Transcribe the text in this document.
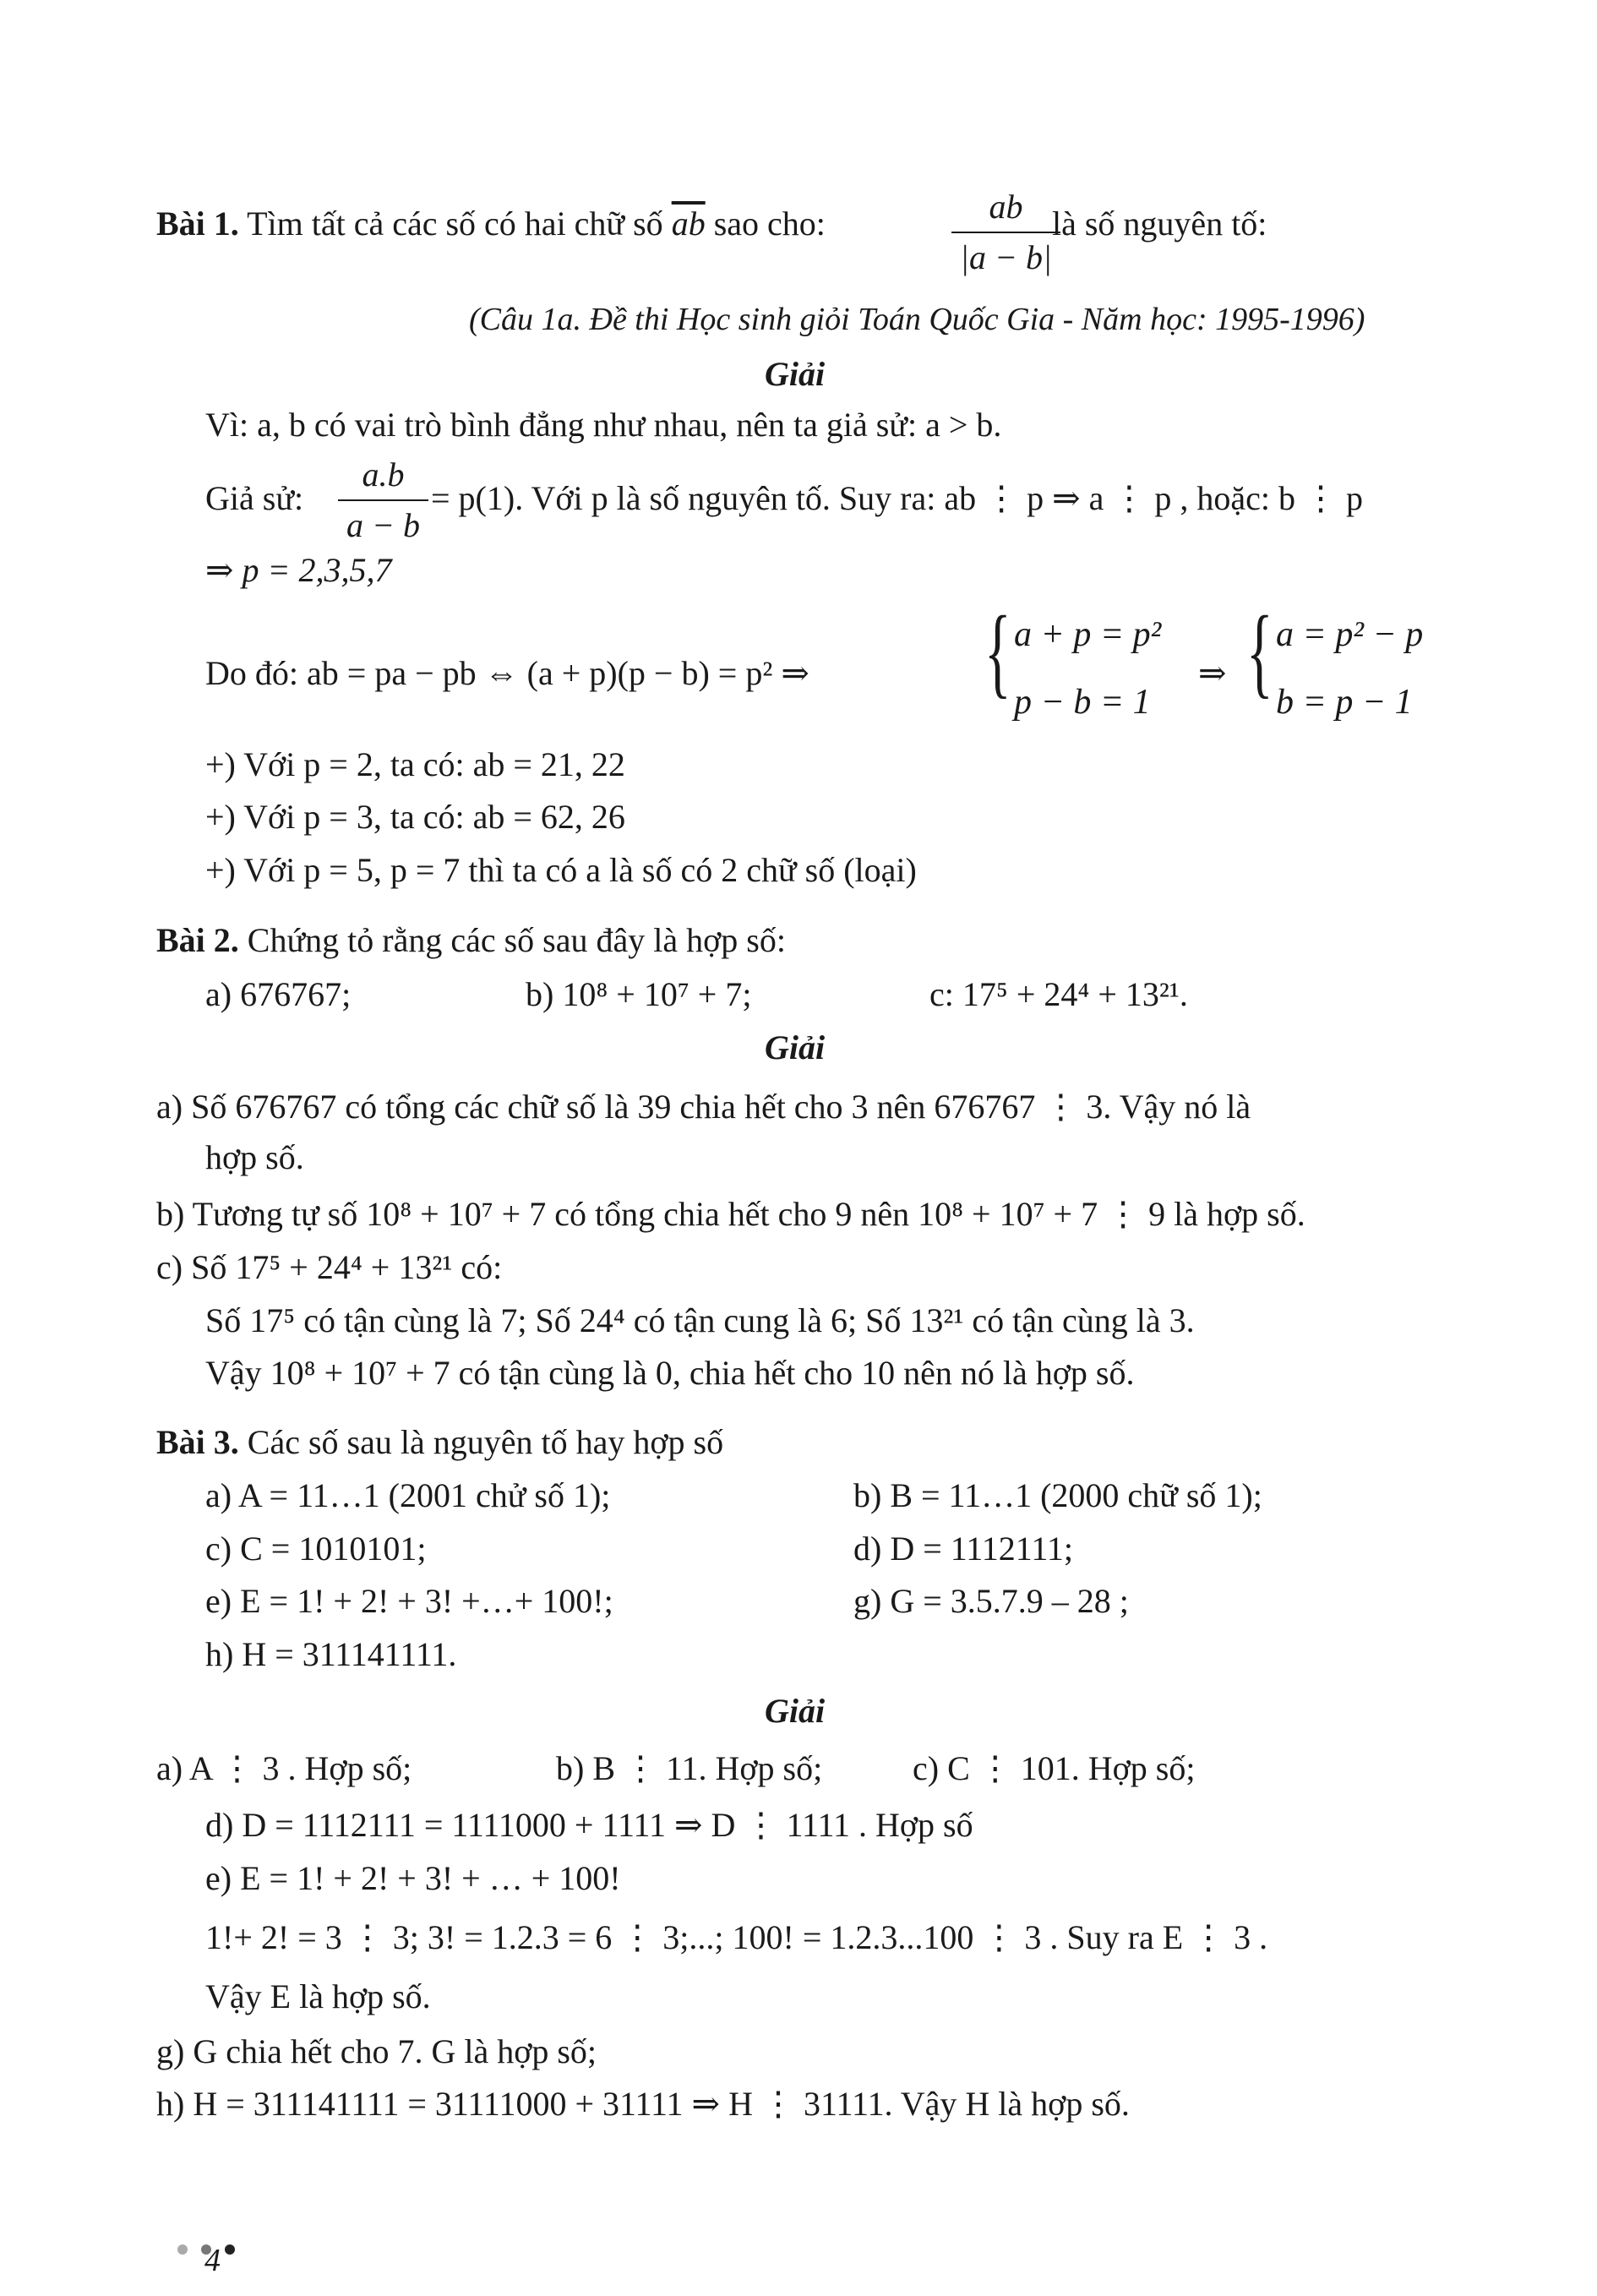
Bài 1. Tìm tất cả các số có hai chữ số $\overline{ab}$ sao cho:	$\frac{ab}{|a - b|}$
là số nguyên tố:
(Câu 1a. Đề thi Học sinh giỏi Toán Quốc Gia - Năm học: 1995-1996)
Giải
Vì: a, b có vai trò bình đẳng như nhau, nên ta giả sử: a > b.
Giả sử: $\frac{a.b}{a - b} = p(1)$. Với p là số nguyên tố. Suy ra: ab ⋮ p ⇒ a ⋮ p , hoặc: b ⋮ p
⇒ p = 2,3,5,7
Do đó: ab = pa − pb ⇔ (a + p)(p − b) = p² ⇒ { a + p = p²
p − b = 1
⇒ { a = p² − p
b = p − 1
+) Với p = 2, ta có: ab = 21, 22
+) Với p = 3, ta có: ab = 62, 26
+) Với p = 5, p = 7 thì ta có a là số có 2 chữ số (loại)
Bài 2. Chứng tỏ rằng các số sau đây là hợp số:
a) 676767;	b) 10⁸ + 10⁷ + 7;	c: 17⁵ + 24⁴ + 13²¹.
Giải
a) Số 676767 có tổng các chữ số là 39 chia hết cho 3 nên 676767 ⋮ 3. Vậy nó là
hợp số.
b) Tương tự số 10⁸ + 10⁷ + 7 có tổng chia hết cho 9 nên 10⁸ + 10⁷ + 7 ⋮ 9 là hợp số.
c) Số 17⁵ + 24⁴ + 13²¹ có:
Số 17⁵ có tận cùng là 7; Số 24⁴ có tận cung là 6; Số 13²¹ có tận cùng là 3.
Vậy 10⁸ + 10⁷ + 7 có tận cùng là 0, chia hết cho 10 nên nó là hợp số.
Bài 3. Các số sau là nguyên tố hay hợp số
a) A = 11…1 (2001 chử số 1);	b) B = 11…1 (2000 chữ số 1);
c) C = 1010101;	d) D = 1112111;
e) E = 1! + 2! + 3! +…+ 100!;	g) G = 3.5.7.9 – 28 ;
h) H = 311141111.
Giải
a) A ⋮ 3 . Hợp số;	b) B ⋮ 11. Hợp số;	c) C ⋮ 101. Hợp số;
d) D = 1112111 = 1111000 + 1111 ⇒ D ⋮ 1111 . Hợp số
e) E = 1! + 2! + 3! + … + 100!
1!+ 2! = 3 ⋮ 3; 3! = 1.2.3 = 6 ⋮ 3;...; 100! = 1.2.3...100 ⋮ 3 . Suy ra E ⋮ 3 .
Vậy E là hợp số.
g) G chia hết cho 7. G là hợp số;
h) H = 311141111 = 31111000 + 31111 ⇒ H ⋮ 31111. Vậy H là hợp số.
4
